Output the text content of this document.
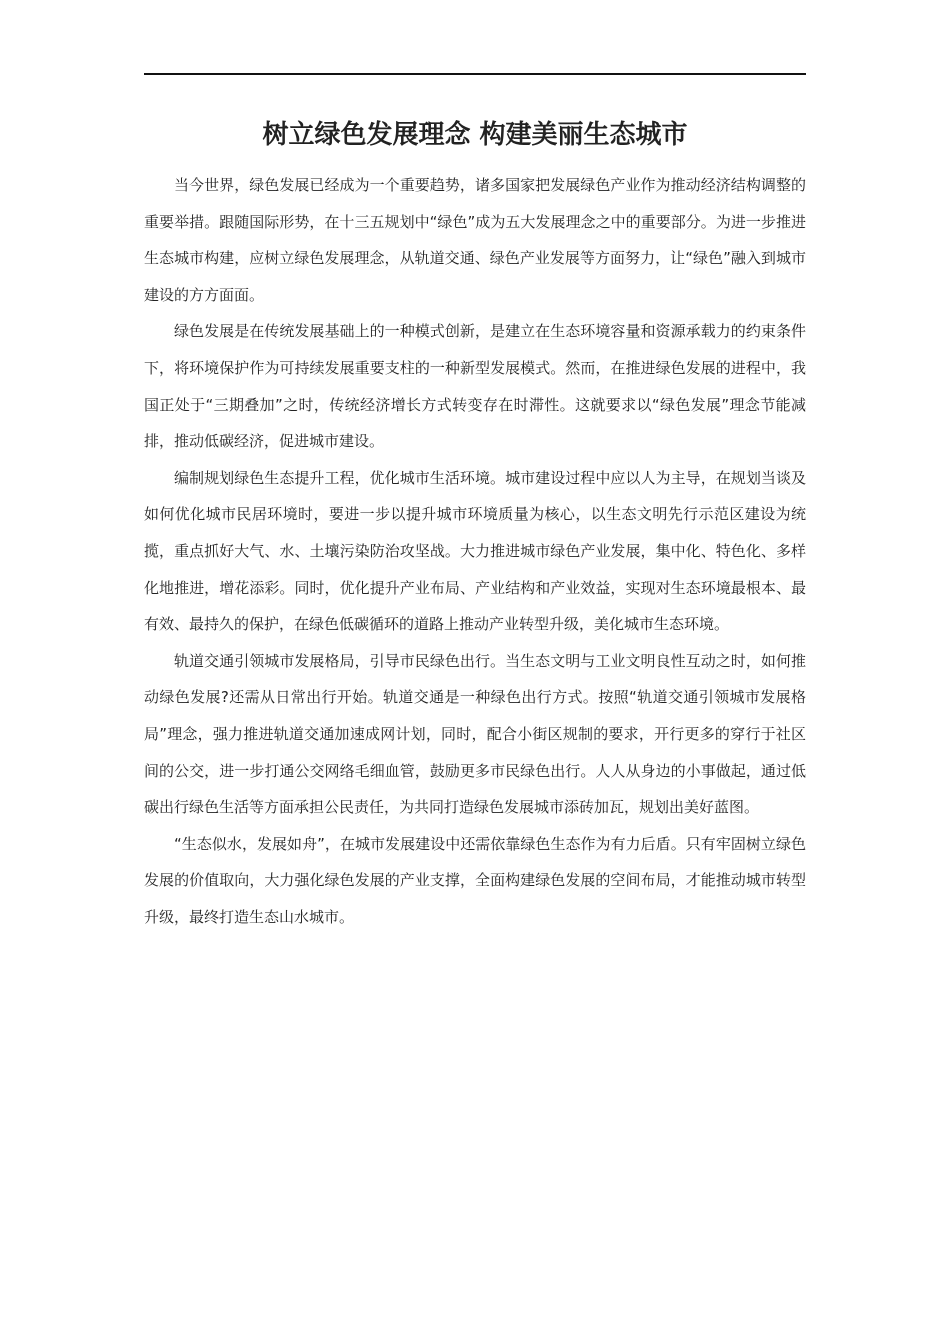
树立绿色发展理念 构建美丽生态城市

当今世界，绿色发展已经成为一个重要趋势，诸多国家把发展绿色产业作为推动经济结构调整的重要举措。跟随国际形势，在十三五规划中“绿色”成为五大发展理念之中的重要部分。为进一步推进生态城市构建，应树立绿色发展理念，从轨道交通、绿色产业发展等方面努力，让“绿色”融入到城市建设的方方面面。

绿色发展是在传统发展基础上的一种模式创新，是建立在生态环境容量和资源承载力的约束条件下，将环境保护作为可持续发展重要支柱的一种新型发展模式。然而，在推进绿色发展的进程中，我国正处于“三期叠加”之时，传统经济增长方式转变存在时滞性。这就要求以“绿色发展”理念节能减排，推动低碳经济，促进城市建设。

编制规划绿色生态提升工程，优化城市生活环境。城市建设过程中应以人为主导，在规划当谈及如何优化城市民居环境时，要进一步以提升城市环境质量为核心，以生态文明先行示范区建设为统揽，重点抓好大气、水、土壤污染防治攻坚战。大力推进城市绿色产业发展，集中化、特色化、多样化地推进，增花添彩。同时，优化提升产业布局、产业结构和产业效益，实现对生态环境最根本、最有效、最持久的保护，在绿色低碳循环的道路上推动产业转型升级，美化城市生态环境。

轨道交通引领城市发展格局，引导市民绿色出行。当生态文明与工业文明良性互动之时，如何推动绿色发展?还需从日常出行开始。轨道交通是一种绿色出行方式。按照“轨道交通引领城市发展格局”理念，强力推进轨道交通加速成网计划，同时，配合小街区规制的要求，开行更多的穿行于社区间的公交，进一步打通公交网络毛细血管，鼓励更多市民绿色出行。人人从身边的小事做起，通过低碳出行绿色生活等方面承担公民责任，为共同打造绿色发展城市添砖加瓦，规划出美好蓝图。

“生态似水，发展如舟”，在城市发展建设中还需依靠绿色生态作为有力后盾。只有牢固树立绿色发展的价值取向，大力强化绿色发展的产业支撑，全面构建绿色发展的空间布局，才能推动城市转型升级，最终打造生态山水城市。
